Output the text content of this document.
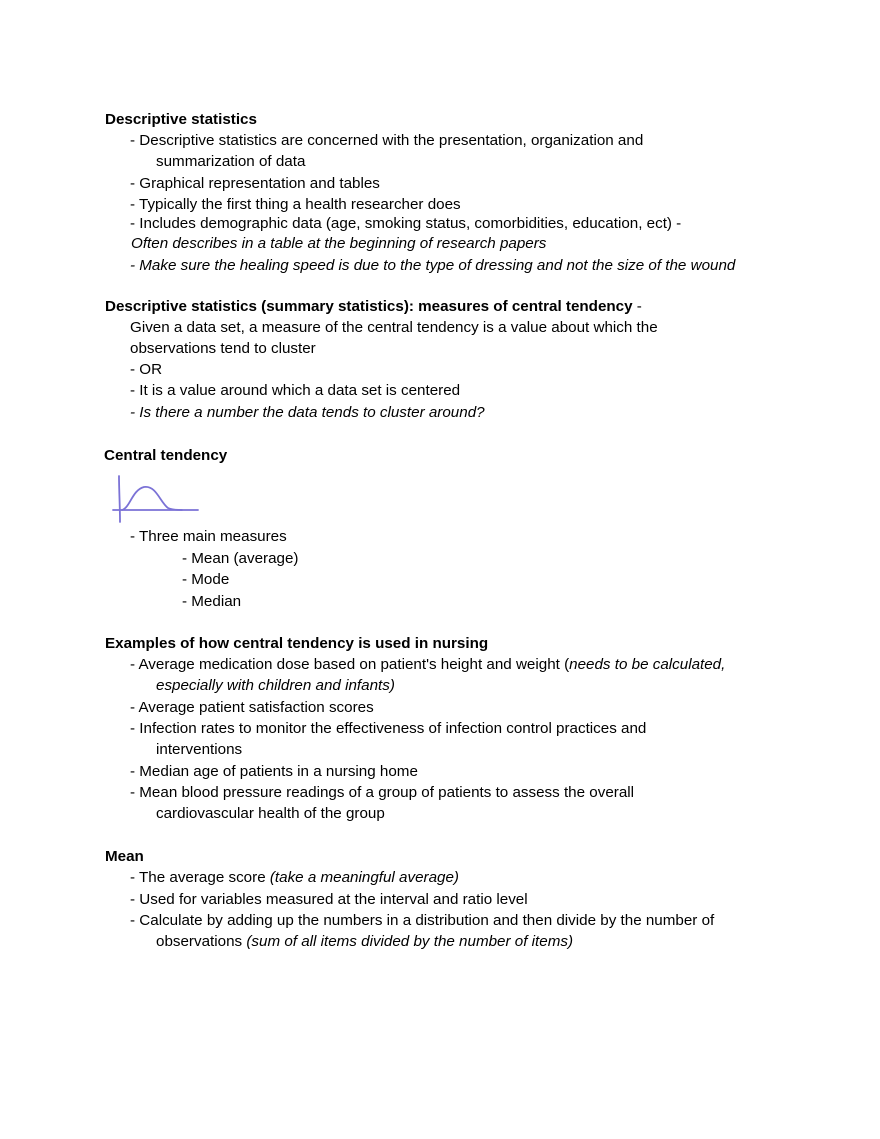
Descriptive statistics
- Descriptive statistics are concerned with the presentation, organization and
summarization of data
- Graphical representation and tables
- Typically the first thing a health researcher does
- Includes demographic data (age, smoking status, comorbidities, education, ect) -
Often describes in a table at the beginning of research papers
- Make sure the healing speed is due to the type of dressing and not the size of the wound
Descriptive statistics (summary statistics): measures of central tendency -
Given a data set, a measure of the central tendency is a value about which the
observations tend to cluster
- OR
- It is a value around which a data set is centered
- Is there a number the data tends to cluster around?
Central tendency
- Three main measures
- Mean (average)
- Mode
- Median
Examples of how central tendency is used in nursing
- Average medication dose based on patient's height and weight (needs to be calculated,
especially with children and infants)
- Average patient satisfaction scores
- Infection rates to monitor the effectiveness of infection control practices and
interventions
- Median age of patients in a nursing home
- Mean blood pressure readings of a group of patients to assess the overall
cardiovascular health of the group
Mean
- The average score (take a meaningful average)
- Used for variables measured at the interval and ratio level
- Calculate by adding up the numbers in a distribution and then divide by the number of
observations (sum of all items divided by the number of items)
